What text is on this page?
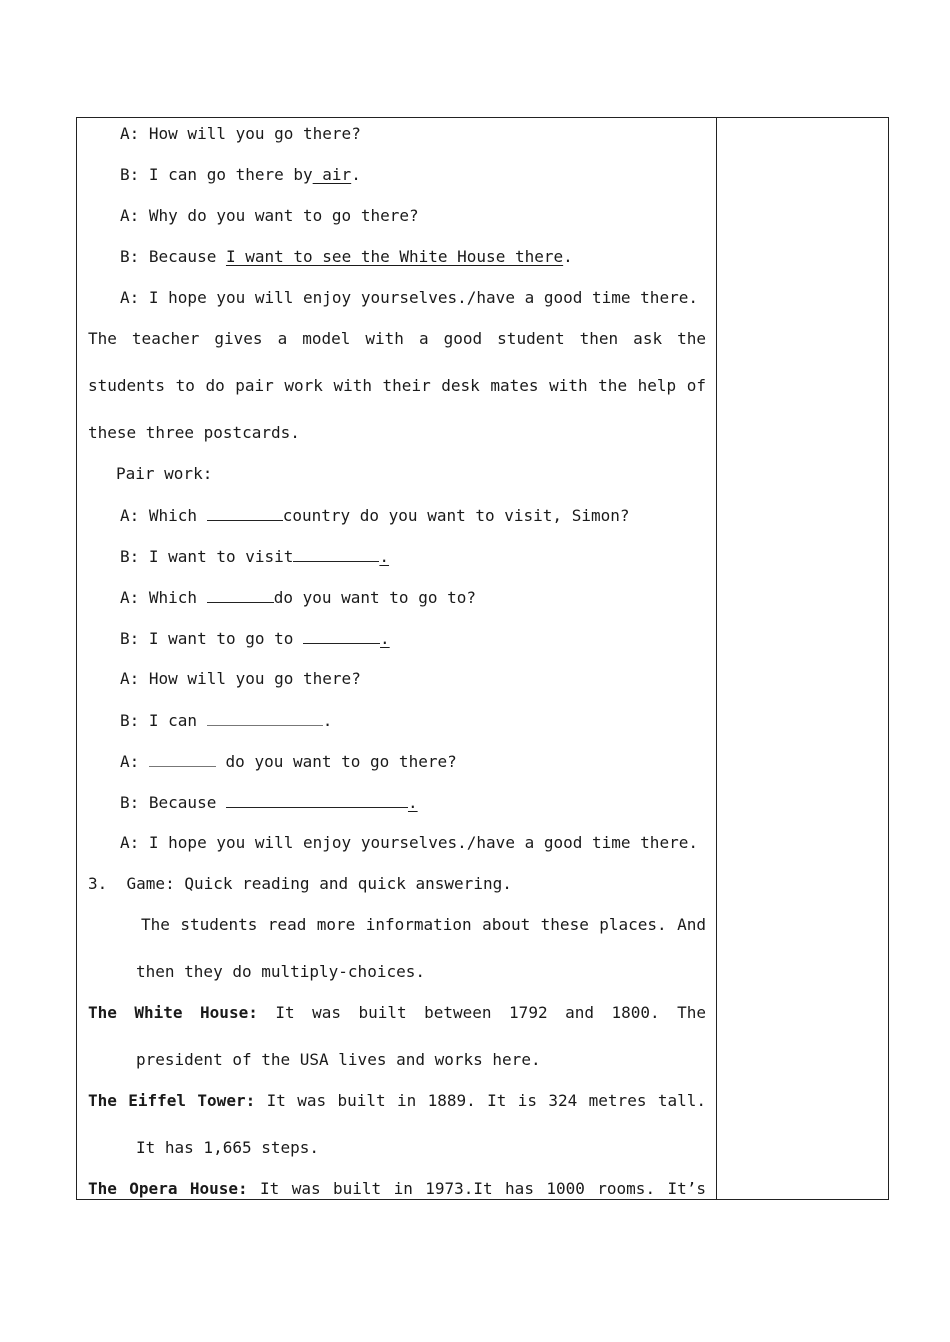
A: How will you go there?
B: I can go there by air.
A: Why do you want to go there?
B: Because I want to see the White House there.
A: I hope you will enjoy yourselves./have a good time there.
The teacher gives a model with a good student then ask the
students to do pair work with their desk mates with the help of
these three postcards.
Pair work:
A: Which	country do you want to visit, Simon?
B: I want to visit	.
A: Which	do you want to go to?
B: I want to go to	.
A: How will you go there?
B: I can	.
A:	do you want to go there?
B: Because	.
A: I hope you will enjoy yourselves./have a good time there.
3.  Game: Quick reading and quick answering.
The students read more information about these places. And
then they do multiply-choices.
The White House: It was built between 1792 and 1800. The
president of the USA lives and works here.
The Eiffel Tower: It was built in 1889. It is 324 metres tall.
It has 1,665 steps.
The Opera House: It was built in 1973.It has 1000 rooms. It’s
